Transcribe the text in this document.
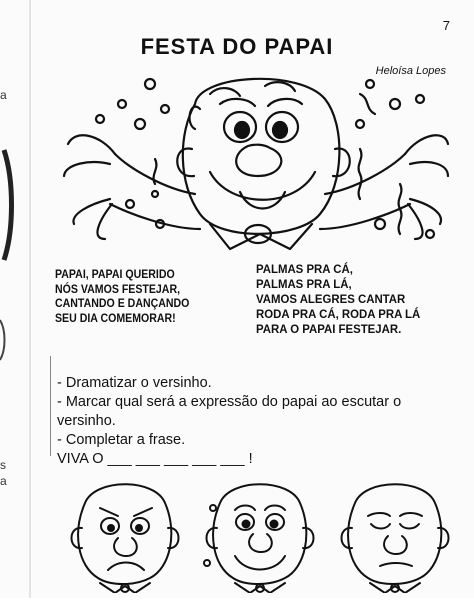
a
s
a
7
FESTA DO PAPAI
Heloísa Lopes
PAPAI, PAPAI QUERIDO
NÓS VAMOS FESTEJAR,
CANTANDO E DANÇANDO
SEU DIA COMEMORAR!
PALMAS PRA CÁ,
PALMAS PRA LÁ,
VAMOS ALEGRES CANTAR
RODA PRA CÁ, RODA PRA LÁ
PARA O PAPAI FESTEJAR.
- Dramatizar o versinho.
- Marcar qual será a expressão do papai ao escutar o
versinho.
- Completar a frase.
VIVA O ___ ___ ___ ___ ___ !
